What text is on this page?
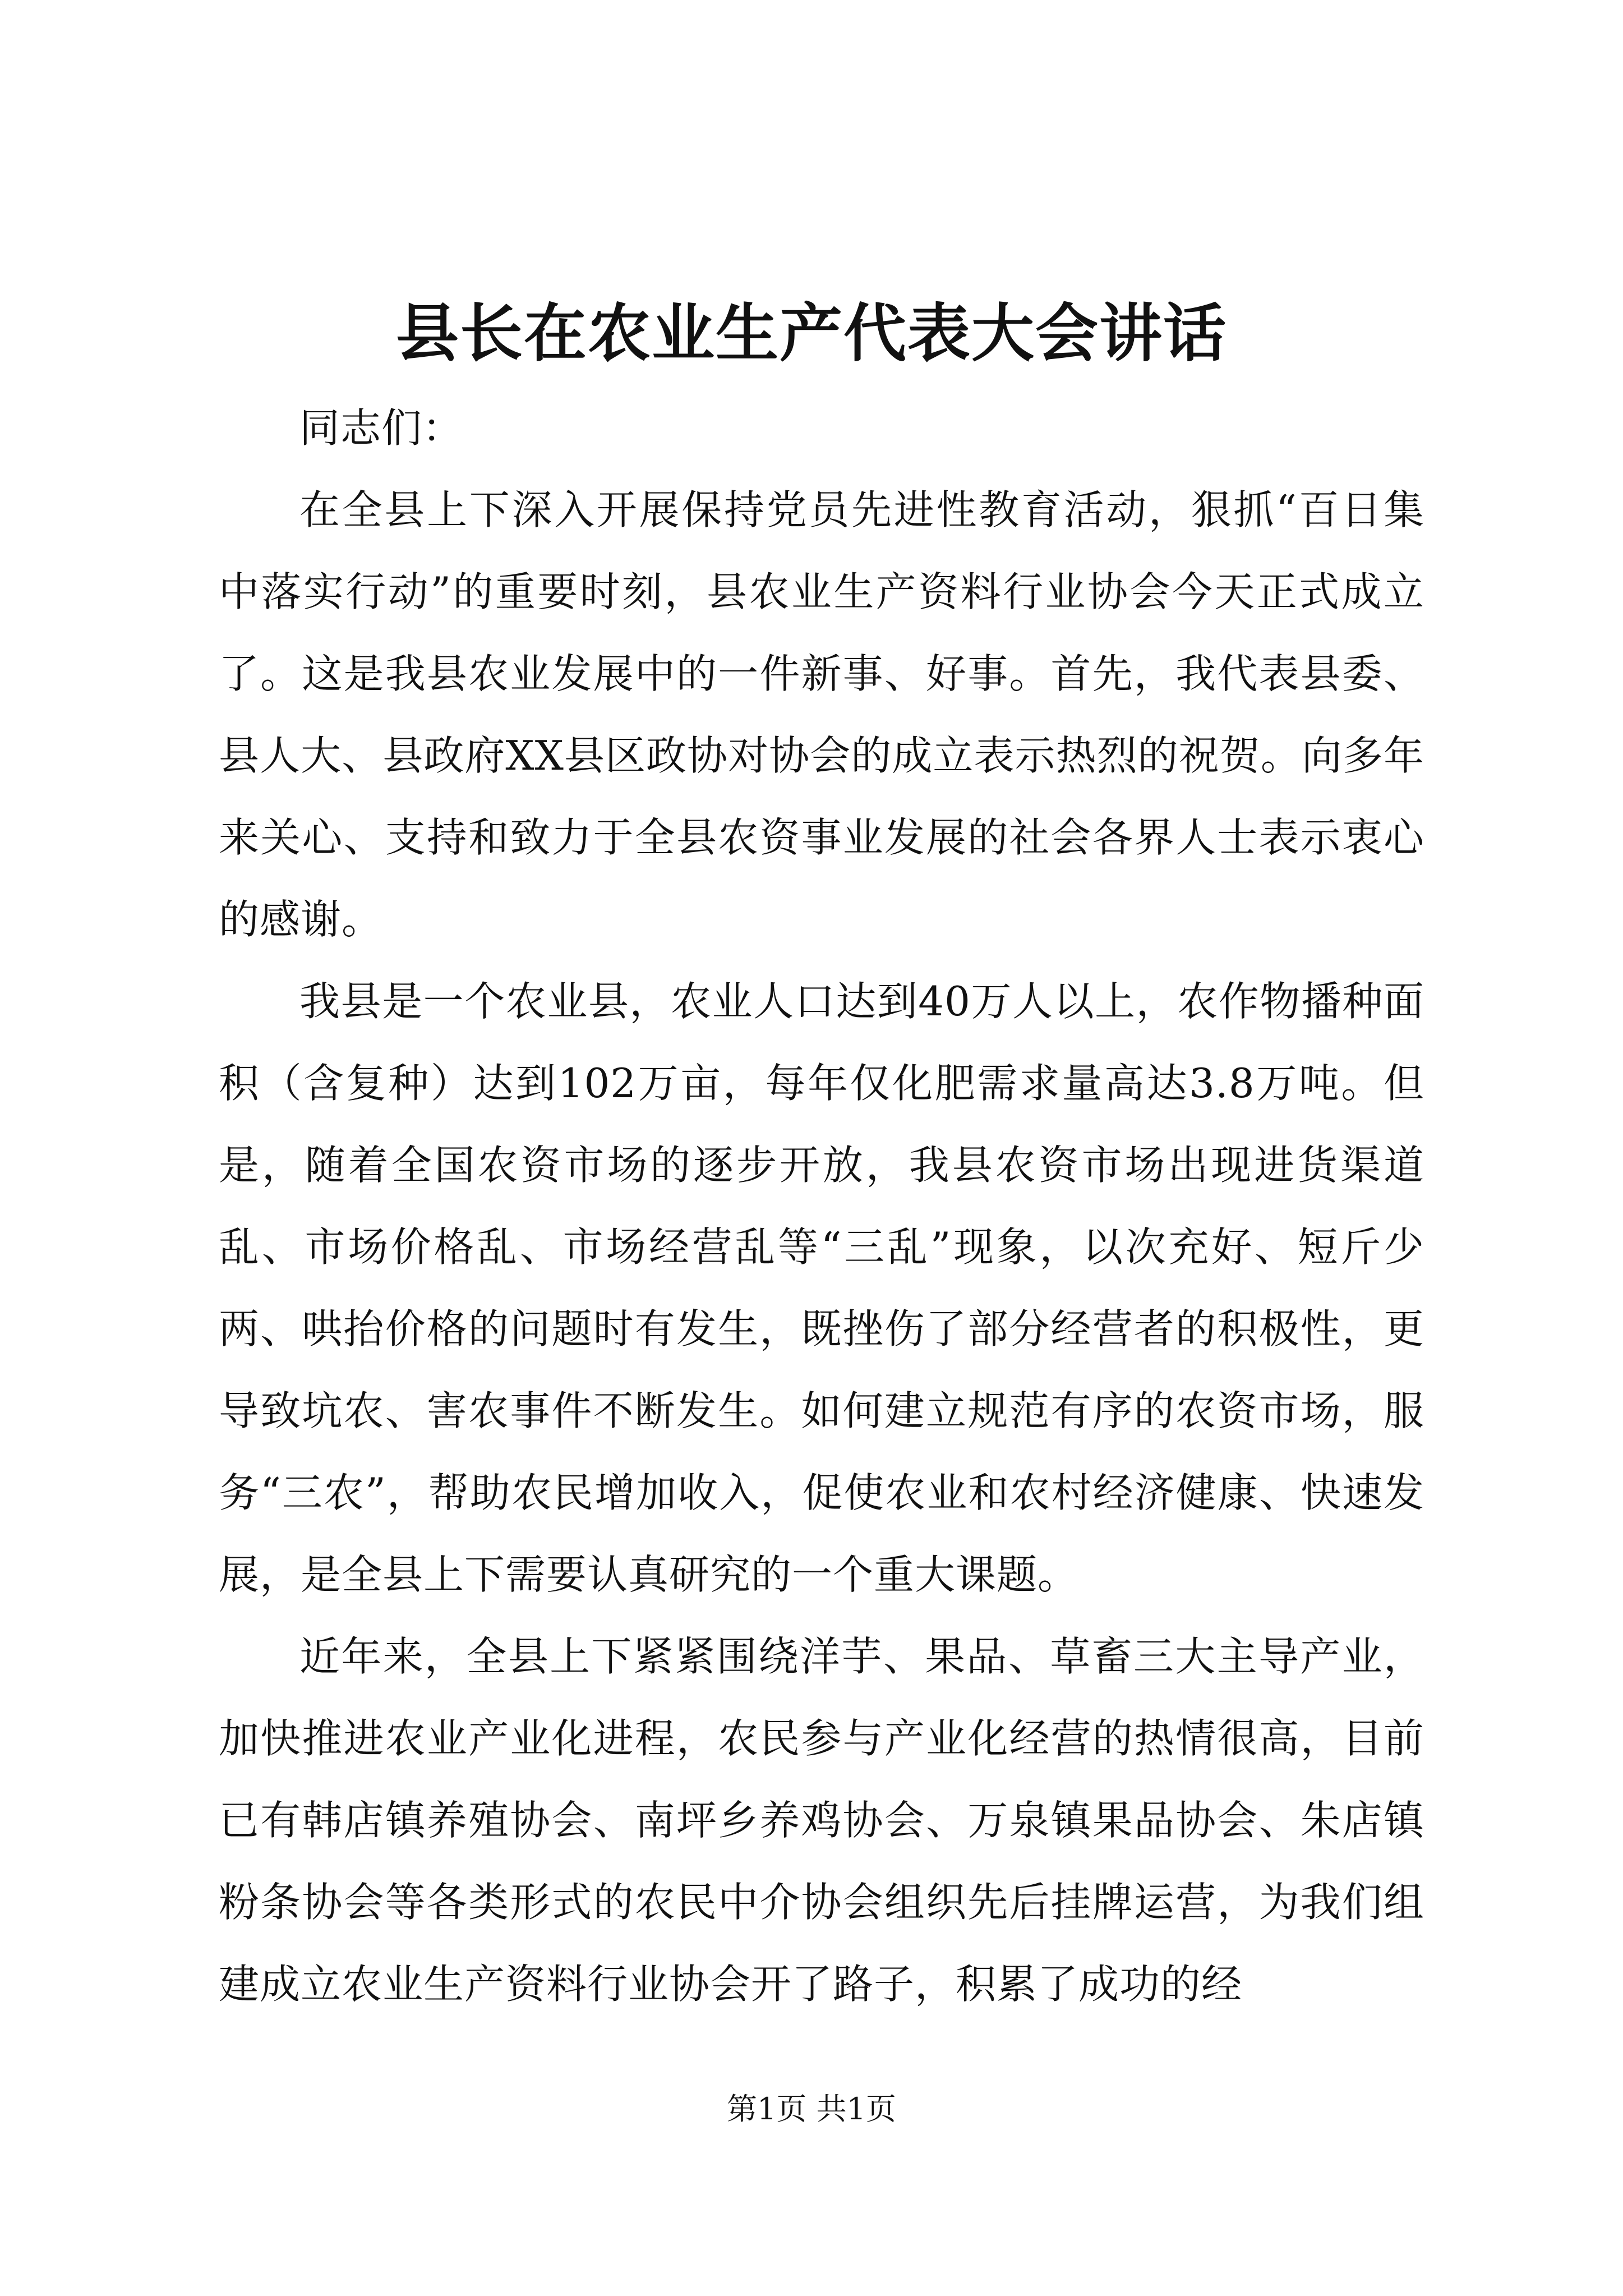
县长在农业生产代表大会讲话

同志们：

在全县上下深入开展保持党员先进性教育活动，狠抓“百日集中落实行动”的重要时刻，县农业生产资料行业协会今天正式成立了。这是我县农业发展中的一件新事、好事。首先，我代表县委、县人大、县政府XX县区政协对协会的成立表示热烈的祝贺。向多年来关心、支持和致力于全县农资事业发展的社会各界人士表示衷心的感谢。

我县是一个农业县，农业人口达到40万人以上，农作物播种面积（含复种）达到102万亩，每年仅化肥需求量高达3.8万吨。但是，随着全国农资市场的逐步开放，我县农资市场出现进货渠道乱、市场价格乱、市场经营乱等“三乱”现象，以次充好、短斤少两、哄抬价格的问题时有发生，既挫伤了部分经营者的积极性，更导致坑农、害农事件不断发生。如何建立规范有序的农资市场，服务“三农”，帮助农民增加收入，促使农业和农村经济健康、快速发展，是全县上下需要认真研究的一个重大课题。

近年来，全县上下紧紧围绕洋芋、果品、草畜三大主导产业，加快推进农业产业化进程，农民参与产业化经营的热情很高，目前已有韩店镇养殖协会、南坪乡养鸡协会、万泉镇果品协会、朱店镇粉条协会等各类形式的农民中介协会组织先后挂牌运营，为我们组建成立农业生产资料行业协会开了路子，积累了成功的经

第1页 共1页
